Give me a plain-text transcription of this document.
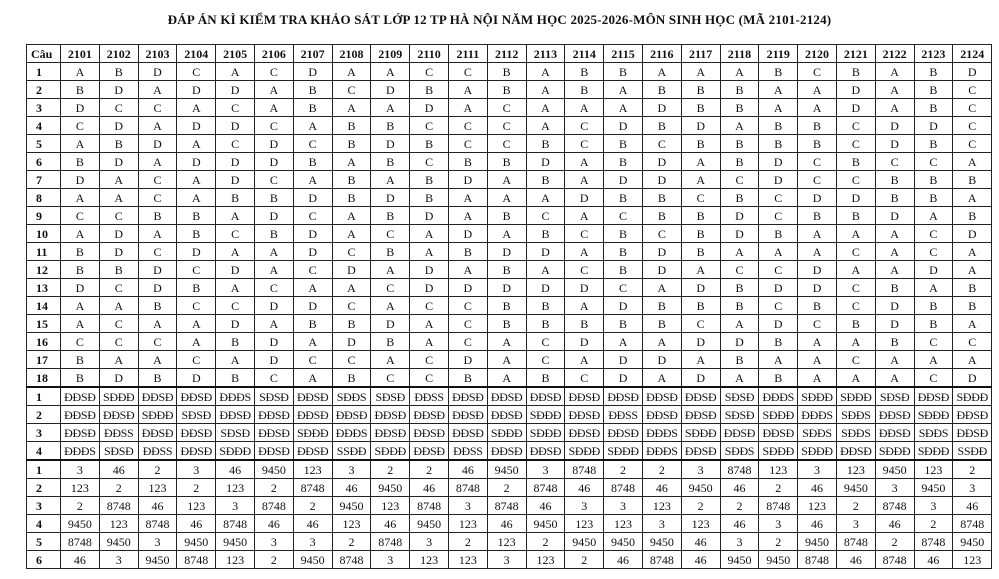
ĐÁP ÁN KÌ KIỂM TRA KHẢO SÁT LỚP 12 TP HÀ NỘI NĂM HỌC 2025-2026-MÔN SINH HỌC (MÃ 2101-2124)
Câu	2101	2102	2103	2104	2105	2106	2107	2108	2109	2110	2111	2112	2113	2114	2115	2116	2117	2118	2119	2120	2121	2122	2123	2124
1	A	B	D	C	A	C	D	A	A	C	C	B	A	B	B	A	A	A	B	C	B	A	B	D
2	B	D	A	D	D	A	B	C	D	B	A	B	A	B	A	B	B	B	A	A	D	A	B	C
3	D	C	C	A	C	A	B	A	A	D	A	C	A	A	A	D	B	B	A	A	D	A	B	C
4	C	D	A	D	D	C	A	B	B	C	C	C	A	C	D	B	D	A	B	B	C	D	D	C
5	A	B	D	A	C	D	C	B	D	B	C	C	B	C	B	C	B	B	B	B	C	D	B	C
6	B	D	A	D	D	D	B	A	B	C	B	B	D	A	B	D	A	B	D	C	B	C	C	A
7	D	A	C	A	D	C	A	B	A	B	D	A	B	A	D	D	A	C	D	C	C	B	B	B
8	A	A	C	A	B	B	D	B	D	B	A	A	A	D	B	B	C	B	C	D	D	B	B	A
9	C	C	B	B	A	D	C	A	B	D	A	B	C	A	C	B	B	D	C	B	B	D	A	B
10	A	D	A	B	C	B	D	A	C	A	D	A	B	C	B	C	B	D	B	A	A	A	C	D
11	B	D	C	D	A	A	D	C	B	A	B	D	D	A	B	D	B	A	A	A	C	A	C	A
12	B	B	D	C	D	A	C	D	A	D	A	B	A	C	B	D	A	C	C	D	A	A	D	A
13	D	C	D	B	A	C	A	A	C	D	D	D	D	D	C	A	D	B	D	D	C	B	A	B
14	A	A	B	C	C	D	D	C	A	C	C	B	B	A	D	B	B	B	C	B	C	D	B	B
15	A	C	A	A	D	A	B	B	D	A	C	B	B	B	B	B	C	A	D	C	B	D	B	A
16	C	C	C	A	B	D	A	D	B	A	C	A	C	D	A	A	D	D	B	A	A	B	C	C
17	B	A	A	C	A	D	C	C	A	C	D	A	C	A	D	D	A	B	A	A	C	A	A	A
18	B	D	B	D	B	C	A	B	C	C	B	A	B	C	D	A	D	A	B	A	A	A	C	D
1	ĐĐSĐ	SĐĐĐ	ĐĐSĐ	ĐĐSĐ	ĐĐĐS	SĐSĐ	ĐĐSĐ	SĐĐS	SĐSĐ	ĐĐSS	ĐĐSĐ	ĐĐSĐ	ĐĐSĐ	ĐĐSĐ	ĐĐSĐ	ĐĐSĐ	ĐĐSĐ	SĐSĐ	ĐĐĐS	SĐĐĐ	SĐĐĐ	SĐSĐ	ĐĐSĐ	SĐĐĐ
2	ĐĐSĐ	ĐĐSĐ	SĐĐĐ	SĐSĐ	ĐĐSĐ	ĐĐSĐ	ĐĐSĐ	ĐĐSĐ	ĐĐSĐ	ĐĐSĐ	ĐĐSĐ	ĐĐSĐ	SĐĐĐ	ĐĐSĐ	ĐĐSS	ĐĐSĐ	ĐĐSĐ	SĐSĐ	SĐĐĐ	ĐĐĐS	SĐĐS	ĐĐSĐ	SĐĐĐ	ĐĐSĐ
3	ĐĐSĐ	ĐĐSS	ĐĐSĐ	ĐĐSĐ	SĐSĐ	ĐĐSĐ	SĐĐĐ	ĐĐĐS	ĐĐSĐ	ĐĐSĐ	ĐĐSĐ	SĐĐĐ	SĐĐĐ	ĐĐSĐ	ĐĐSĐ	ĐĐĐS	SĐĐĐ	ĐĐSĐ	ĐĐSĐ	SĐĐS	SĐĐS	ĐĐSĐ	SĐĐS	ĐĐSĐ
4	ĐĐĐS	SĐSĐ	ĐĐSS	ĐĐSĐ	SĐĐĐ	ĐĐSĐ	ĐĐSĐ	SSĐĐ	SĐĐĐ	ĐĐSĐ	ĐĐSS	ĐĐSĐ	ĐĐSĐ	SĐĐĐ	SĐĐĐ	ĐĐĐS	ĐĐSĐ	SĐĐS	SĐĐĐ	SĐĐĐ	ĐĐSĐ	SĐĐĐ	SĐĐĐ	SSĐĐ
1	3	46	2	3	46	9450	123	3	2	2	46	9450	3	8748	2	2	3	8748	123	3	123	9450	123	2
2	123	2	123	2	123	2	8748	46	9450	46	8748	2	8748	46	8748	46	9450	46	2	46	9450	3	9450	3
3	2	8748	46	123	3	8748	2	9450	123	8748	3	8748	46	3	3	123	2	2	8748	123	2	8748	3	46
4	9450	123	8748	46	8748	46	46	123	46	9450	123	46	9450	123	123	3	123	46	3	46	3	46	2	8748
5	8748	9450	3	9450	9450	3	3	2	8748	3	2	123	2	9450	9450	9450	46	3	2	9450	8748	2	8748	9450
6	46	3	9450	8748	123	2	9450	8748	3	123	123	3	123	2	46	8748	46	9450	9450	8748	46	8748	46	123
